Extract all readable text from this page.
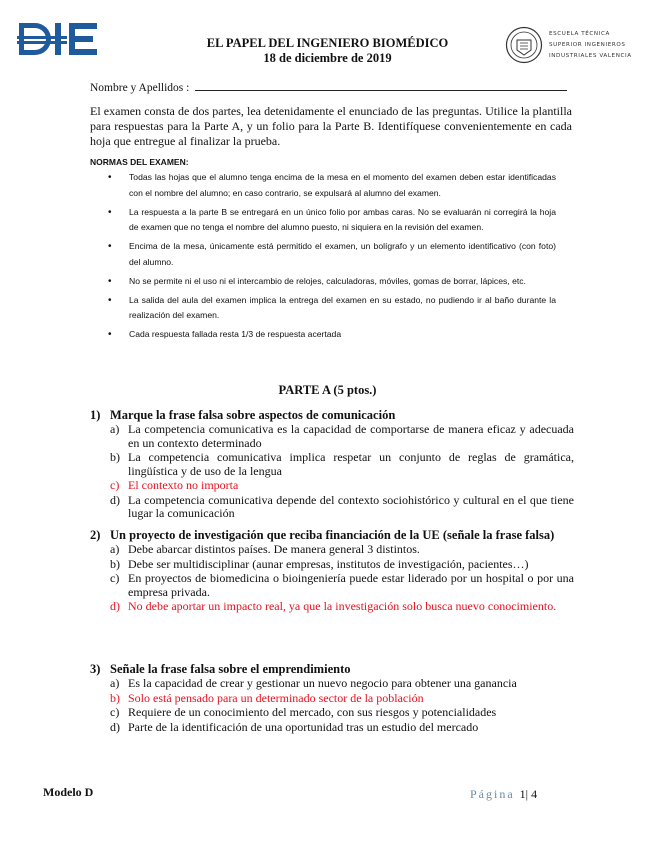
EL PAPEL DEL INGENIERO BIOMÉDICO
18 de diciembre de 2019
ESCUELA TÉCNICA
SUPERIOR INGENIEROS
INDUSTRIALES VALENCIA
Nombre y Apellidos :
El examen consta de dos partes, lea detenidamente el enunciado de las preguntas. Utilice la plantilla para respuestas para la Parte A, y un folio para la Parte B. Identifíquese convenientemente en cada hoja que entregue al finalizar la prueba.
NORMAS DEL EXAMEN:
• Todas las hojas que el alumno tenga encima de la mesa en el momento del examen deben estar identificadas con el nombre del alumno; en caso contrario, se expulsará al alumno del examen.
• La respuesta a la parte B se entregará en un único folio por ambas caras. No se evaluarán ni corregirá la hoja de examen que no tenga el nombre del alumno puesto, ni siquiera en la revisión del examen.
• Encima de la mesa, únicamente está permitido el examen, un bolígrafo y un elemento identificativo (con foto) del alumno.
• No se permite ni el uso ni el intercambio de relojes, calculadoras, móviles, gomas de borrar, lápices, etc.
• La salida del aula del examen implica la entrega del examen en su estado, no pudiendo ir al baño durante la realización del examen.
• Cada respuesta fallada resta 1/3 de respuesta acertada
PARTE A (5 ptos.)
1) Marque la frase falsa sobre aspectos de comunicación
a) La competencia comunicativa es la capacidad de comportarse de manera eficaz y adecuada en un contexto determinado
b) La competencia comunicativa implica respetar un conjunto de reglas de gramática, lingüística y de uso de la lengua
c) El contexto no importa
d) La competencia comunicativa depende del contexto sociohistórico y cultural en el que tiene lugar la comunicación
2) Un proyecto de investigación que reciba financiación de la UE (señale la frase falsa)
a) Debe abarcar distintos países. De manera general 3 distintos.
b) Debe ser multidisciplinar (aunar empresas, institutos de investigación, pacientes…)
c) En proyectos de biomedicina o bioingeniería puede estar liderado por un hospital o por una empresa privada.
d) No debe aportar un impacto real, ya que la investigación solo busca nuevo conocimiento.
3) Señale la frase falsa sobre el emprendimiento
a) Es la capacidad de crear y gestionar un nuevo negocio para obtener una ganancia
b) Solo está pensado para un determinado sector de la población
c) Requiere de un conocimiento del mercado, con sus riesgos y potencialidades
d) Parte de la identificación de una oportunidad tras un estudio del mercado
Modelo D	Página 1| 4
